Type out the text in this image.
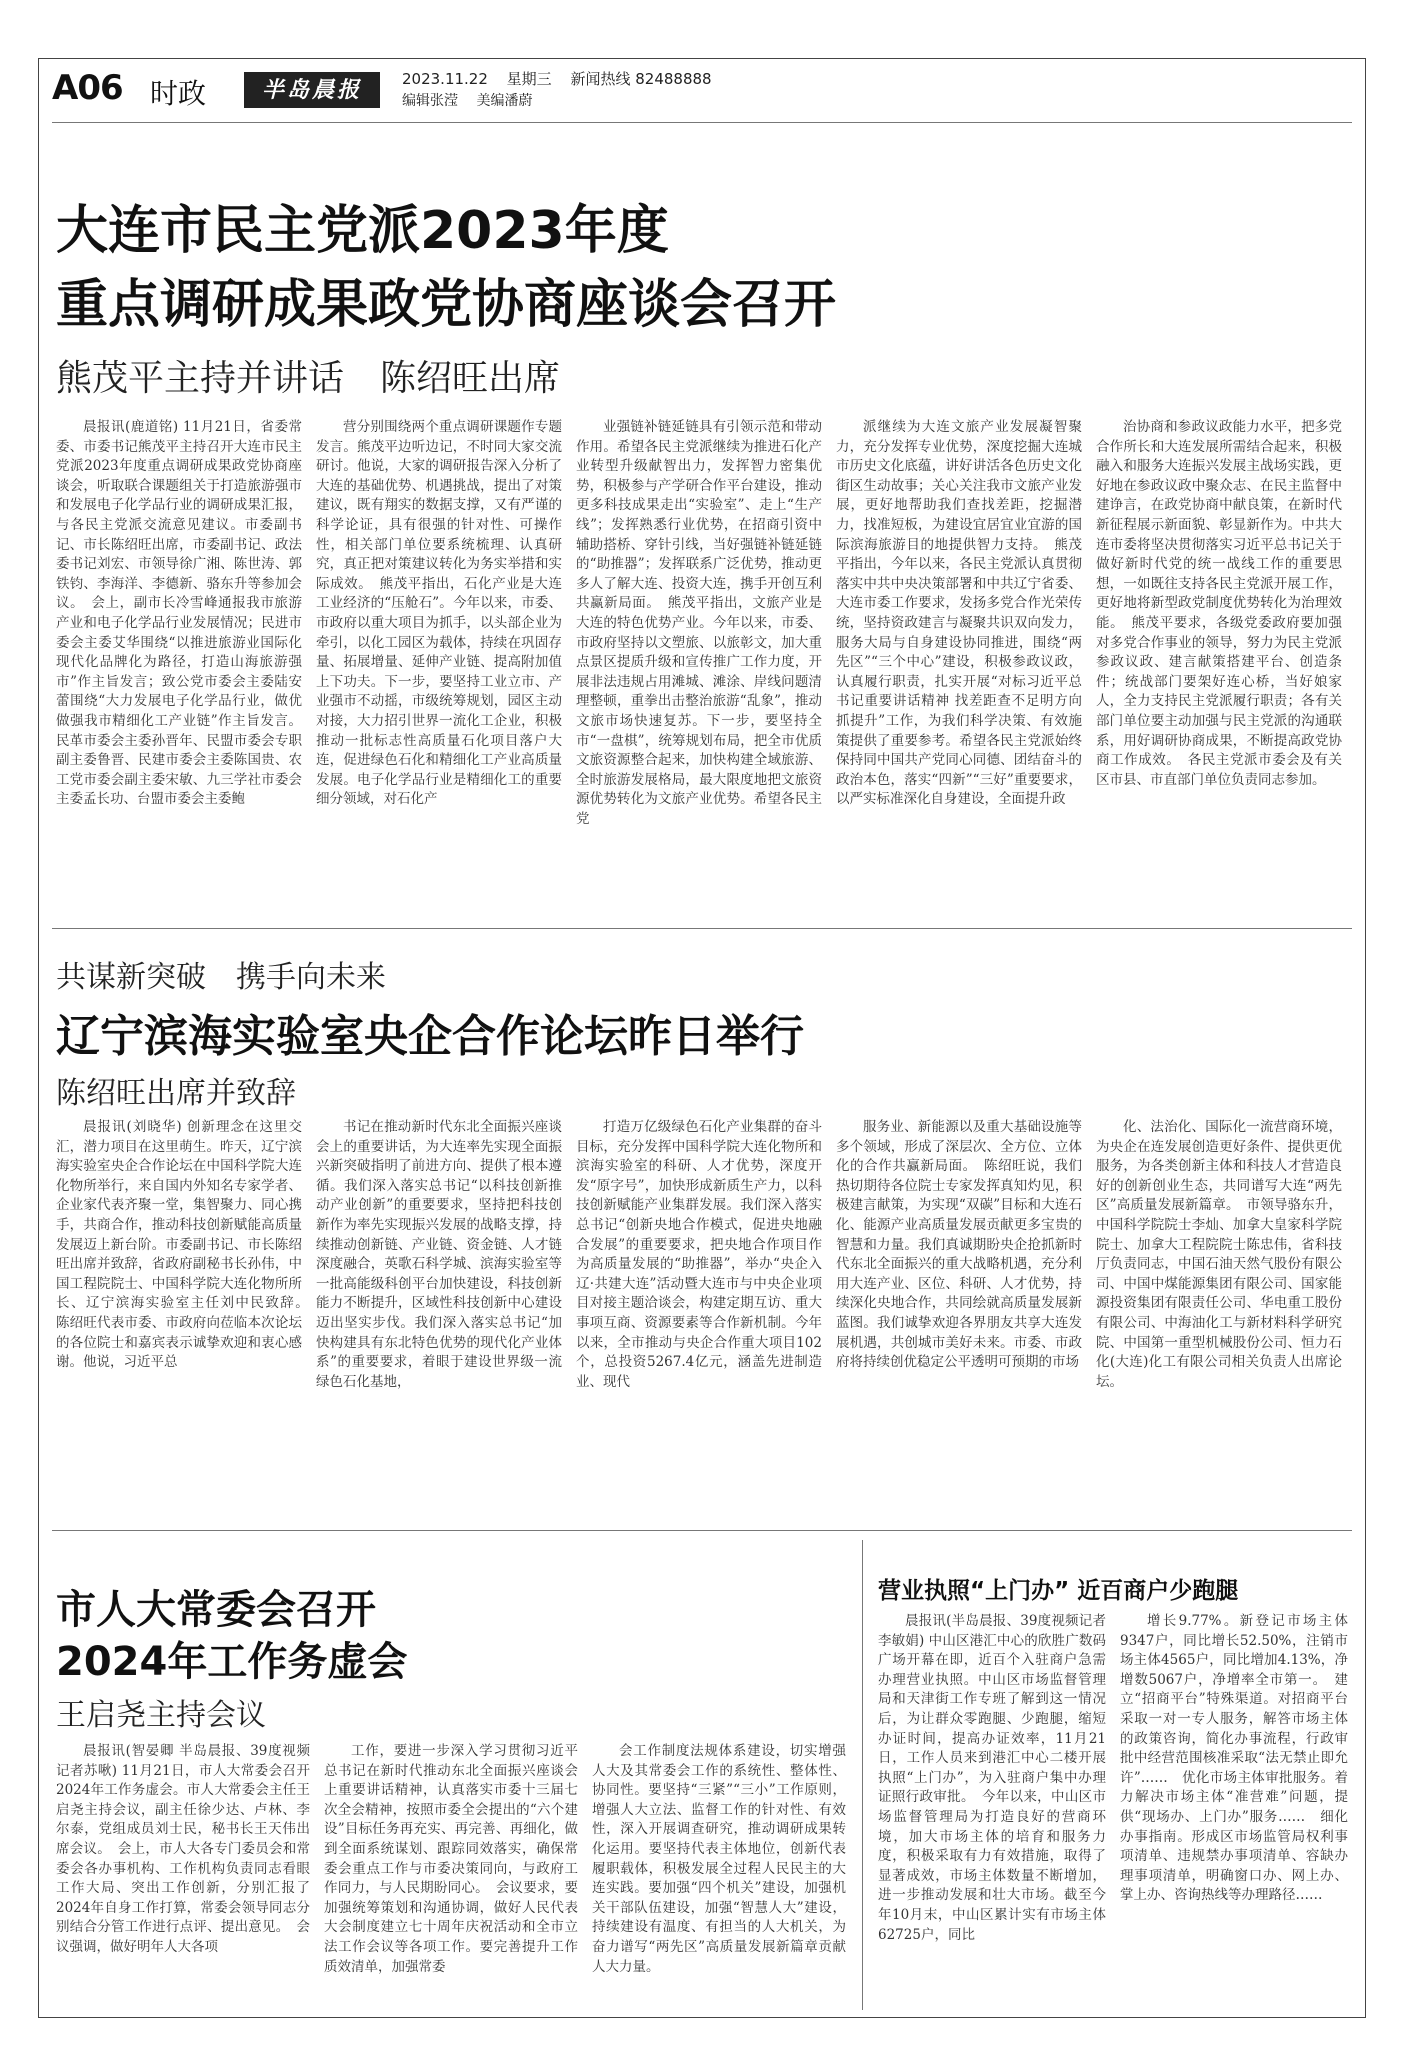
A06 时政	半岛晨报	2023.11.22 星期三 新闻热线 82488888
编辑张滢 美编潘蔚
大连市民主党派2023年度
重点调研成果政党协商座谈会召开
熊茂平主持并讲话　陈绍旺出席

晨报讯(鹿道铭) 11月21日，省委常委、市委书记熊茂平主持召开大连市民主党派2023年度重点调研成果政党协商座谈会，听取联合课题组关于打造旅游强市和发展电子化学品行业的调研成果汇报，与各民主党派交流意见建议。市委副书记、市长陈绍旺出席，市委副书记、政法委书记刘宏、市领导徐广湘、陈世涛、郭铁钧、李海洋、李德新、骆东升等参加会议。　会上，副市长冷雪峰通报我市旅游产业和电子化学品行业发展情况；民进市委会主委艾华围绕“以推进旅游业国际化现代化品牌化为路径，打造山海旅游强市”作主旨发言；致公党市委会主委陆安蕾围绕“大力发展电子化学品行业，做优做强我市精细化工产业链”作主旨发言。民革市委会主委孙晋年、民盟市委会专职副主委鲁晋、民建市委会主委陈国贵、农工党市委会副主委宋敏、九三学社市委会主委孟长功、台盟市委会主委鲍

营分别围绕两个重点调研课题作专题发言。熊茂平边听边记，不时同大家交流研讨。他说，大家的调研报告深入分析了大连的基础优势、机遇挑战，提出了对策建议，既有翔实的数据支撑，又有严谨的科学论证，具有很强的针对性、可操作性，相关部门单位要系统梳理、认真研究，真正把对策建议转化为务实举措和实际成效。　熊茂平指出，石化产业是大连工业经济的“压舱石”。今年以来，市委、市政府以重大项目为抓手，以头部企业为牵引，以化工园区为载体，持续在巩固存量、拓展增量、延伸产业链、提高附加值上下功夫。下一步，要坚持工业立市、产业强市不动摇，市级统筹规划，园区主动对接，大力招引世界一流化工企业，积极推动一批标志性高质量石化项目落户大连，促进绿色石化和精细化工产业高质量发展。电子化学品行业是精细化工的重要细分领域，对石化产

业强链补链延链具有引领示范和带动作用。希望各民主党派继续为推进石化产业转型升级献智出力，发挥智力密集优势，积极参与产学研合作平台建设，推动更多科技成果走出“实验室”、走上“生产线”；发挥熟悉行业优势，在招商引资中辅助搭桥、穿针引线，当好强链补链延链的“助推器”；发挥联系广泛优势，推动更多人了解大连、投资大连，携手开创互利共赢新局面。　熊茂平指出，文旅产业是大连的特色优势产业。今年以来，市委、市政府坚持以文塑旅、以旅彰文，加大重点景区提质升级和宣传推广工作力度，开展非法违规占用滩城、滩涂、岸线问题清理整顿，重拳出击整治旅游“乱象”，推动文旅市场快速复苏。下一步，要坚持全市“一盘棋”，统筹规划布局，把全市优质文旅资源整合起来，加快构建全域旅游、全时旅游发展格局，最大限度地把文旅资源优势转化为文旅产业优势。希望各民主党

派继续为大连文旅产业发展凝智聚力，充分发挥专业优势，深度挖掘大连城市历史文化底蕴，讲好讲活各色历史文化街区生动故事；关心关注我市文旅产业发展，更好地帮助我们查找差距，挖掘潜力，找准短板，为建设宜居宜业宜游的国际滨海旅游目的地提供智力支持。　熊茂平指出，今年以来，各民主党派认真贯彻落实中共中央决策部署和中共辽宁省委、大连市委工作要求，发扬多党合作光荣传统，坚持资政建言与凝聚共识双向发力，服务大局与自身建设协同推进，围绕“两先区”“三个中心”建设，积极参政议政，认真履行职责，扎实开展“对标习近平总书记重要讲话精神 找差距查不足明方向抓提升”工作，为我们科学决策、有效施策提供了重要参考。希望各民主党派始终保持同中国共产党同心同德、团结奋斗的政治本色，落实“四新”“三好”重要要求，以严实标准深化自身建设，全面提升政

治协商和参政议政能力水平，把多党合作所长和大连发展所需结合起来，积极融入和服务大连振兴发展主战场实践，更好地在参政议政中聚众志、在民主监督中建诤言，在政党协商中献良策，在新时代新征程展示新面貌、彰显新作为。中共大连市委将坚决贯彻落实习近平总书记关于做好新时代党的统一战线工作的重要思想，一如既往支持各民主党派开展工作，更好地将新型政党制度优势转化为治理效能。　熊茂平要求，各级党委政府要加强对多党合作事业的领导，努力为民主党派参政议政、建言献策搭建平台、创造条件；统战部门要架好连心桥，当好娘家人，全力支持民主党派履行职责；各有关部门单位要主动加强与民主党派的沟通联系，用好调研协商成果，不断提高政党协商工作成效。　各民主党派市委会及有关区市县、市直部门单位负责同志参加。

共谋新突破　携手向未来
辽宁滨海实验室央企合作论坛昨日举行
陈绍旺出席并致辞

晨报讯(刘晓华) 创新理念在这里交汇，潜力项目在这里萌生。昨天，辽宁滨海实验室央企合作论坛在中国科学院大连化物所举行，来自国内外知名专家学者、企业家代表齐聚一堂，集智聚力、同心携手，共商合作，推动科技创新赋能高质量发展迈上新台阶。市委副书记、市长陈绍旺出席并致辞，省政府副秘书长孙伟，中国工程院院士、中国科学院大连化物所所长、辽宁滨海实验室主任刘中民致辞。　陈绍旺代表市委、市政府向莅临本次论坛的各位院士和嘉宾表示诚挚欢迎和衷心感谢。他说，习近平总

书记在推动新时代东北全面振兴座谈会上的重要讲话，为大连率先实现全面振兴新突破指明了前进方向、提供了根本遵循。我们深入落实总书记“以科技创新推动产业创新”的重要要求，坚持把科技创新作为率先实现振兴发展的战略支撑，持续推动创新链、产业链、资金链、人才链深度融合，英歌石科学城、滨海实验室等一批高能级科创平台加快建设，科技创新能力不断提升，区域性科技创新中心建设迈出坚实步伐。我们深入落实总书记“加快构建具有东北特色优势的现代化产业体系”的重要要求，着眼于建设世界级一流绿色石化基地，

打造万亿级绿色石化产业集群的奋斗目标，充分发挥中国科学院大连化物所和滨海实验室的科研、人才优势，深度开发“原字号”，加快形成新质生产力，以科技创新赋能产业集群发展。我们深入落实总书记“创新央地合作模式，促进央地融合发展”的重要要求，把央地合作项目作为高质量发展的“助推器”，举办“央企入辽·共建大连”活动暨大连市与中央企业项目对接主题洽谈会，构建定期互访、重大事项互商、资源要素等合作新机制。今年以来，全市推动与央企合作重大项目102个，总投资5267.4亿元，涵盖先进制造业、现代

服务业、新能源以及重大基础设施等多个领域，形成了深层次、全方位、立体化的合作共赢新局面。　陈绍旺说，我们热切期待各位院士专家发挥真知灼见，积极建言献策，为实现“双碳”目标和大连石化、能源产业高质量发展贡献更多宝贵的智慧和力量。我们真诚期盼央企抢抓新时代东北全面振兴的重大战略机遇，充分利用大连产业、区位、科研、人才优势，持续深化央地合作，共同绘就高质量发展新蓝图。我们诚挚欢迎各界朋友共享大连发展机遇，共创城市美好未来。市委、市政府将持续创优稳定公平透明可预期的市场

化、法治化、国际化一流营商环境，为央企在连发展创造更好条件、提供更优服务，为各类创新主体和科技人才营造良好的创新创业生态，共同谱写大连“两先区”高质量发展新篇章。　市领导骆东升，中国科学院院士李灿、加拿大皇家科学院院士、加拿大工程院院士陈忠伟，省科技厅负责同志，中国石油天然气股份有限公司、中国中煤能源集团有限公司、国家能源投资集团有限责任公司、华电重工股份有限公司、中海油化工与新材料科学研究院、中国第一重型机械股份公司、恒力石化(大连)化工有限公司相关负责人出席论坛。

市人大常委会召开
2024年工作务虚会
王启尧主持会议

晨报讯(智晏卿 半岛晨报、39度视频记者苏啾) 11月21日，市人大常委会召开2024年工作务虚会。市人大常委会主任王启尧主持会议，副主任徐少达、卢林、李尔泰，党组成员刘士民，秘书长王天伟出席会议。　会上，市人大各专门委员会和常委会各办事机构、工作机构负责同志看眼工作大局、突出工作创新，分别汇报了2024年自身工作打算，常委会领导同志分别结合分管工作进行点评、提出意见。　会议强调，做好明年人大各项

工作，要进一步深入学习贯彻习近平总书记在新时代推动东北全面振兴座谈会上重要讲话精神，认真落实市委十三届七次全会精神，按照市委全会提出的“六个建设”目标任务再充实、再完善、再细化，做到全面系统谋划、跟踪同效落实，确保常委会重点工作与市委决策同向，与政府工作同力，与人民期盼同心。　会议要求，要加强统筹策划和沟通协调，做好人民代表大会制度建立七十周年庆祝活动和全市立法工作会议等各项工作。要完善提升工作质效清单，加强常委

会工作制度法规体系建设，切实增强人大及其常委会工作的系统性、整体性、协同性。要坚持“三紧”“三小”工作原则，增强人大立法、监督工作的针对性、有效性，深入开展调查研究，推动调研成果转化运用。要坚持代表主体地位，创新代表履职载体，积极发展全过程人民民主的大连实践。要加强“四个机关”建设，加强机关干部队伍建设，加强“智慧人大”建设，持续建设有温度、有担当的人大机关，为奋力谱写“两先区”高质量发展新篇章贡献人大力量。

营业执照“上门办” 近百商户少跑腿

晨报讯(半岛晨报、39度视频记者李敏娟) 中山区港汇中心的欣胜广数码广场开幕在即，近百个入驻商户急需办理营业执照。中山区市场监督管理局和天津街工作专班了解到这一情况后，为让群众零跑腿、少跑腿，缩短办证时间，提高办证效率，11月21日，工作人员来到港汇中心二楼开展执照“上门办”，为入驻商户集中办理证照行政审批。　今年以来，中山区市场监督管理局为打造良好的营商环境，加大市场主体的培育和服务力度，积极采取有力有效措施，取得了显著成效，市场主体数量不断增加，进一步推动发展和壮大市场。截至今年10月末，中山区累计实有市场主体62725户，同比

增长9.77%。新登记市场主体9347户，同比增长52.50%，注销市场主体4565户，同比增加4.13%，净增数5067户，净增率全市第一。　建立“招商平台”特殊渠道。对招商平台采取一对一专人服务，解答市场主体的政策咨询，简化办事流程，行政审批中经营范围核准采取“法无禁止即允许”……　优化市场主体审批服务。着力解决市场主体“准营难”问题，提供“现场办、上门办”服务……　细化办事指南。形成区市场监管局权利事项清单、违规禁办事项清单、容缺办理事项清单，明确窗口办、网上办、掌上办、咨询热线等办理路径……
